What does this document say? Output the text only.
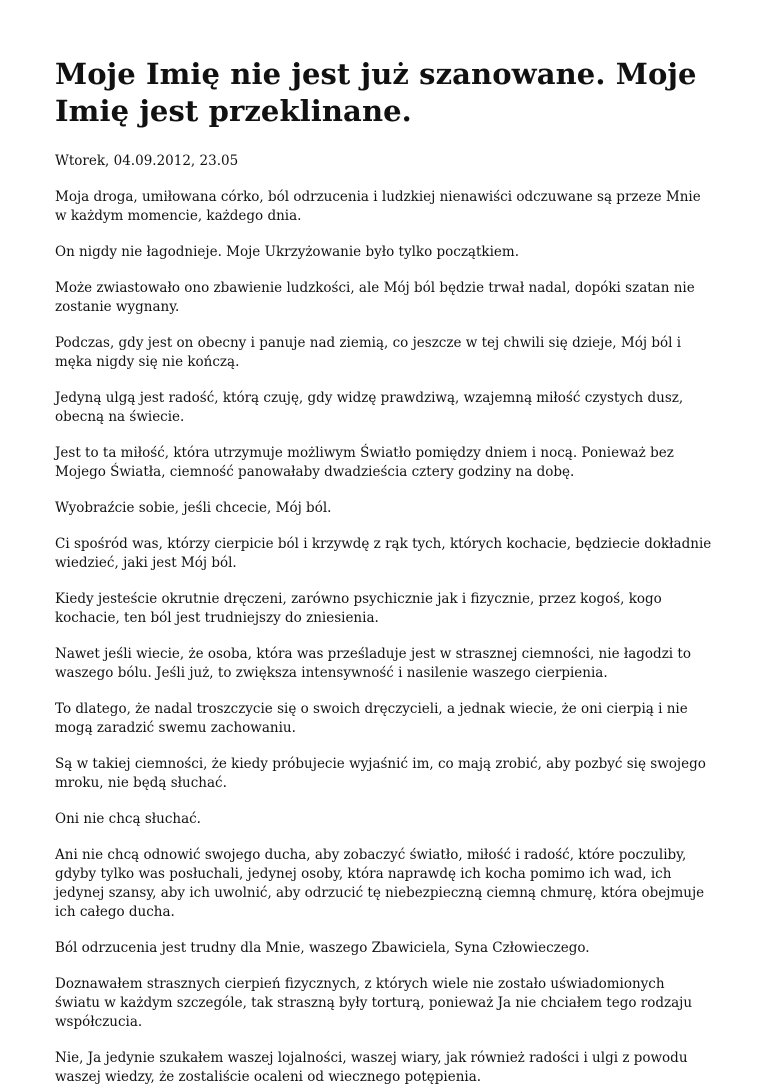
Moje Imię nie jest już szanowane. Moje Imię jest przeklinane.

Wtorek, 04.09.2012, 23.05

Moja droga, umiłowana córko, ból odrzucenia i ludzkiej nienawiści odczuwane są przeze Mnie w każdym momencie, każdego dnia.

On nigdy nie łagodnieje. Moje Ukrzyżowanie było tylko początkiem.

Może zwiastowało ono zbawienie ludzkości, ale Mój ból będzie trwał nadal, dopóki szatan nie zostanie wygnany.

Podczas, gdy jest on obecny i panuje nad ziemią, co jeszcze w tej chwili się dzieje, Mój ból i męka nigdy się nie kończą.

Jedyną ulgą jest radość, którą czuję, gdy widzę prawdziwą, wzajemną miłość czystych dusz, obecną na świecie.

Jest to ta miłość, która utrzymuje możliwym Światło pomiędzy dniem i nocą. Ponieważ bez Mojego Światła, ciemność panowałaby dwadzieścia cztery godziny na dobę.

Wyobraźcie sobie, jeśli chcecie, Mój ból.

Ci spośród was, którzy cierpicie ból i krzywdę z rąk tych, których kochacie, będziecie dokładnie wiedzieć, jaki jest Mój ból.

Kiedy jesteście okrutnie dręczeni, zarówno psychicznie jak i fizycznie, przez kogoś, kogo kochacie, ten ból jest trudniejszy do zniesienia.

Nawet jeśli wiecie, że osoba, która was prześladuje jest w strasznej ciemności, nie łagodzi to waszego bólu. Jeśli już, to zwiększa intensywność i nasilenie waszego cierpienia.

To dlatego, że nadal troszczycie się o swoich dręczycieli, a jednak wiecie, że oni cierpią i nie mogą zaradzić swemu zachowaniu.

Są w takiej ciemności, że kiedy próbujecie wyjaśnić im, co mają zrobić, aby pozbyć się swojego mroku, nie będą słuchać.

Oni nie chcą słuchać.

Ani nie chcą odnowić swojego ducha, aby zobaczyć światło, miłość i radość, które poczuliby, gdyby tylko was posłuchali, jedynej osoby, która naprawdę ich kocha pomimo ich wad, ich jedynej szansy, aby ich uwolnić, aby odrzucić tę niebezpieczną ciemną chmurę, która obejmuje ich całego ducha.

Ból odrzucenia jest trudny dla Mnie, waszego Zbawiciela, Syna Człowieczego.

Doznawałem strasznych cierpień fizycznych, z których wiele nie zostało uświadomionych światu w każdym szczególe, tak straszną były torturą, ponieważ Ja nie chciałem tego rodzaju współczucia.

Nie, Ja jedynie szukałem waszej lojalności, waszej wiary, jak również radości i ulgi z powodu waszej wiedzy, że zostaliście ocaleni od wiecznego potępienia.
